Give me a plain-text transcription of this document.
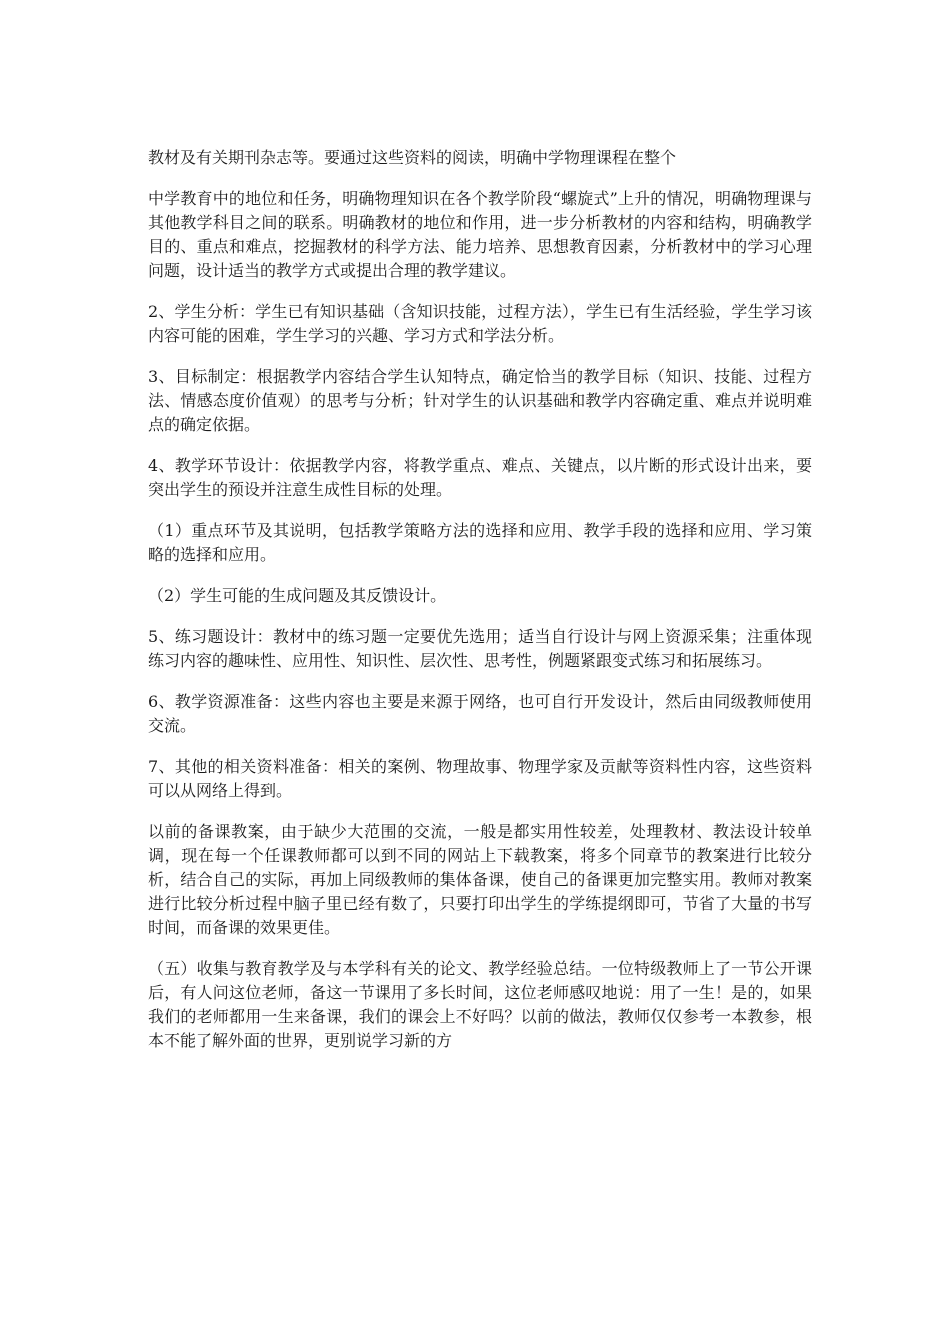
教材及有关期刊杂志等。要通过这些资料的阅读，明确中学物理课程在整个

中学教育中的地位和任务，明确物理知识在各个教学阶段“螺旋式”上升的情况，明确物理课与其他教学科目之间的联系。明确教材的地位和作用，进一步分析教材的内容和结构，明确教学目的、重点和难点，挖掘教材的科学方法、能力培养、思想教育因素，分析教材中的学习心理问题，设计适当的教学方式或提出合理的教学建议。

2、学生分析：学生已有知识基础（含知识技能，过程方法），学生已有生活经验，学生学习该内容可能的困难，学生学习的兴趣、学习方式和学法分析。

3、目标制定：根据教学内容结合学生认知特点，确定恰当的教学目标（知识、技能、过程方法、情感态度价值观）的思考与分析；针对学生的认识基础和教学内容确定重、难点并说明难点的确定依据。

4、教学环节设计：依据教学内容，将教学重点、难点、关键点，以片断的形式设计出来，要突出学生的预设并注意生成性目标的处理。

（1）重点环节及其说明，包括教学策略方法的选择和应用、教学手段的选择和应用、学习策略的选择和应用。

（2）学生可能的生成问题及其反馈设计。

5、练习题设计：教材中的练习题一定要优先选用；适当自行设计与网上资源采集；注重体现练习内容的趣味性、应用性、知识性、层次性、思考性，例题紧跟变式练习和拓展练习。

6、教学资源准备：这些内容也主要是来源于网络，也可自行开发设计，然后由同级教师使用交流。

7、其他的相关资料准备：相关的案例、物理故事、物理学家及贡献等资料性内容，这些资料可以从网络上得到。

以前的备课教案，由于缺少大范围的交流，一般是都实用性较差，处理教材、教法设计较单调，现在每一个任课教师都可以到不同的网站上下载教案，将多个同章节的教案进行比较分析，结合自己的实际，再加上同级教师的集体备课，使自己的备课更加完整实用。教师对教案进行比较分析过程中脑子里已经有数了，只要打印出学生的学练提纲即可，节省了大量的书写时间，而备课的效果更佳。

（五）收集与教育教学及与本学科有关的论文、教学经验总结。一位特级教师上了一节公开课后，有人问这位老师，备这一节课用了多长时间，这位老师感叹地说：用了一生！是的，如果我们的老师都用一生来备课，我们的课会上不好吗？以前的做法，教师仅仅参考一本教参，根本不能了解外面的世界，更别说学习新的方
